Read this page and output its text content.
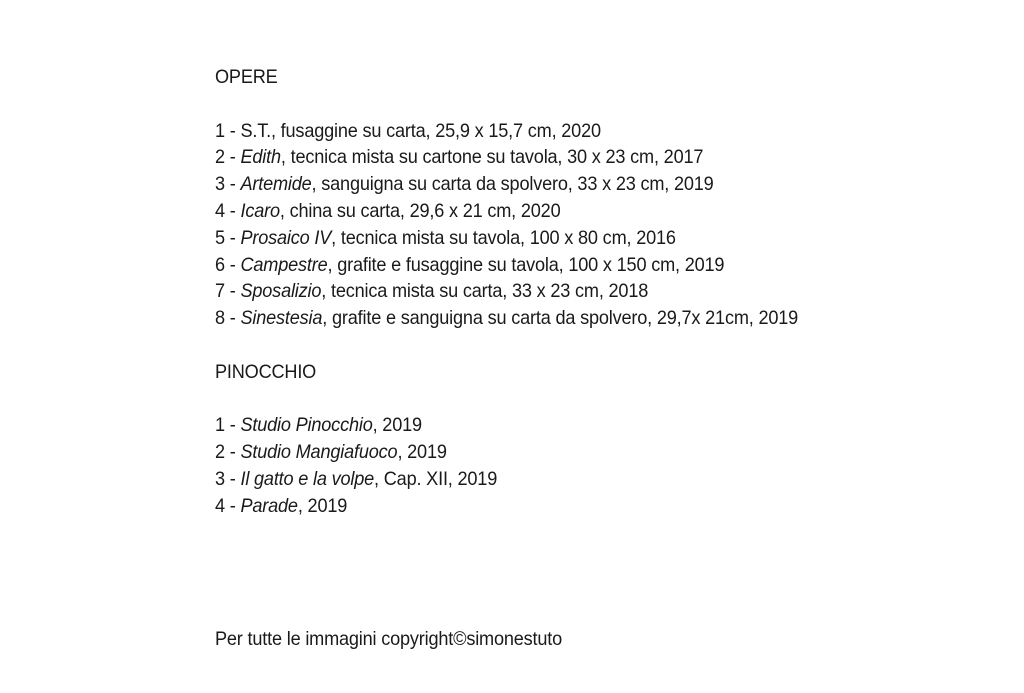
OPERE
1 - S.T., fusaggine su carta, 25,9 x 15,7 cm, 2020
2 - Edith, tecnica mista su cartone su tavola, 30 x 23 cm, 2017
3 - Artemide, sanguigna su carta da spolvero, 33 x 23 cm, 2019
4 - Icaro, china su carta, 29,6 x 21 cm, 2020
5 - Prosaico IV, tecnica mista su tavola, 100 x 80 cm, 2016
6 - Campestre, grafite e fusaggine su tavola, 100 x 150 cm, 2019
7 - Sposalizio, tecnica mista su carta, 33 x 23 cm, 2018
8 - Sinestesia, grafite e sanguigna su carta da spolvero, 29,7x 21cm, 2019
PINOCCHIO
1 - Studio Pinocchio, 2019
2 - Studio Mangiafuoco, 2019
3 - Il gatto e la volpe, Cap. XII, 2019
4 - Parade, 2019
Per tutte le immagini copyright©simonestuto
